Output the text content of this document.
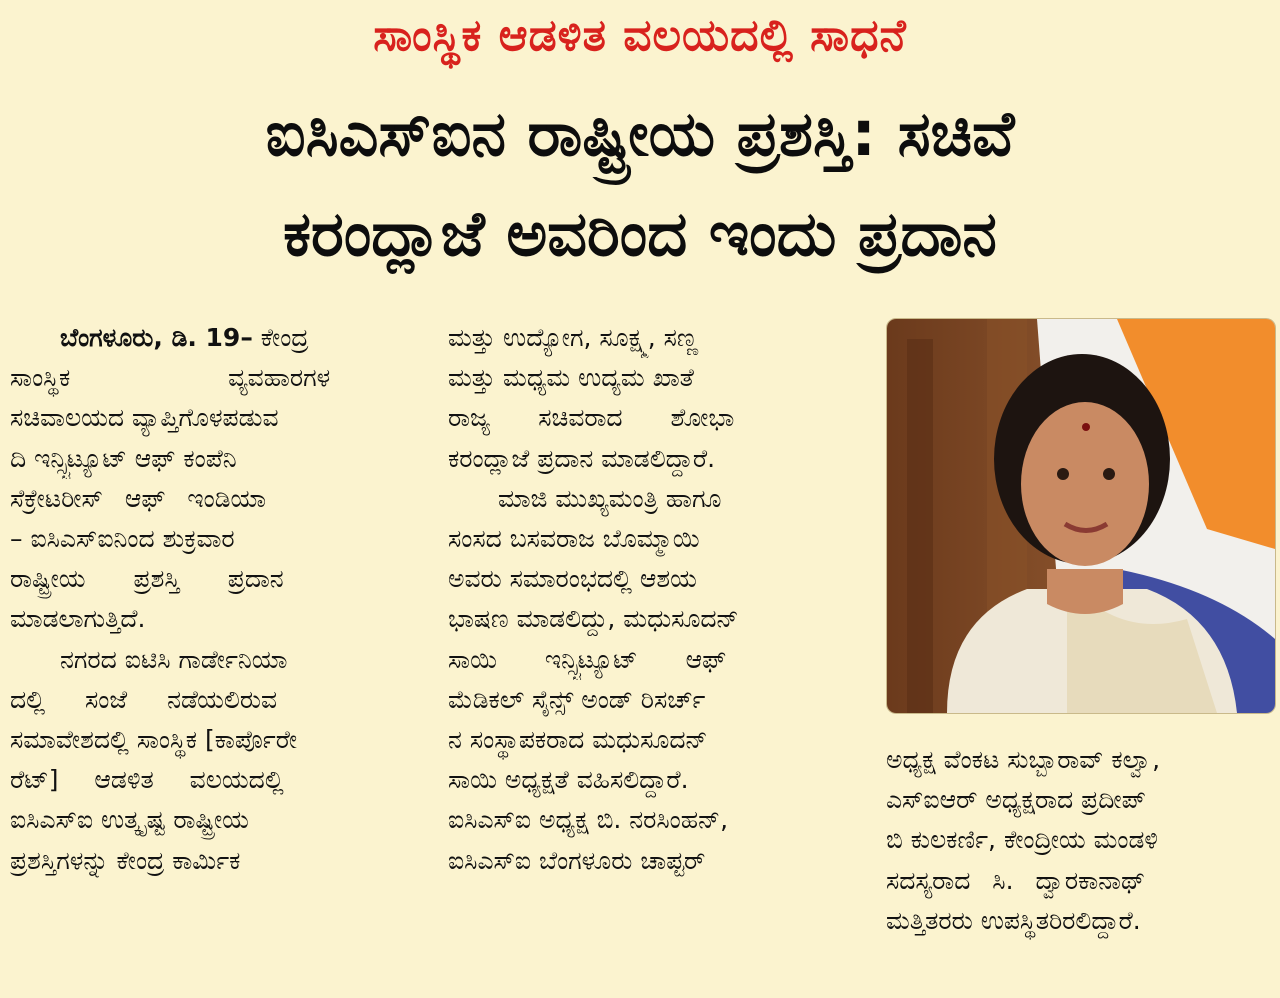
ಸಾಂಸ್ಥಿಕ ಆಡಳಿತ ವಲಯದಲ್ಲಿ ಸಾಧನೆ
ಐಸಿಎಸ್‌ಐನ ರಾಷ್ಟ್ರೀಯ ಪ್ರಶಸ್ತಿ: ಸಚಿವೆ
ಕರಂದ್ಲಾಜೆ ಅವರಿಂದ ಇಂದು ಪ್ರದಾನ
ಬೆಂಗಳೂರು, ಡಿ. 19– ಕೇಂದ್ರ
ಸಾಂಸ್ಥಿಕ ವ್ಯವಹಾರಗಳ
ಸಚಿವಾಲಯದ ವ್ಯಾಪ್ತಿಗೊಳಪಡುವ
ದಿ ಇನ್ಸ್ಟಿಟ್ಯೂಟ್ ಆಫ್ ಕಂಪೆನಿ
ಸೆಕ್ರೇಟರೀಸ್ ಆಫ್ ಇಂಡಿಯಾ
– ಐಸಿಎಸ್‌ಐನಿಂದ ಶುಕ್ರವಾರ
ರಾಷ್ಟ್ರೀಯ ಪ್ರಶಸ್ತಿ ಪ್ರದಾನ
ಮಾಡಲಾಗುತ್ತಿದೆ.
ನಗರದ ಐಟಿಸಿ ಗಾರ್ಡೇನಿಯಾ
ದಲ್ಲಿ ಸಂಜೆ ನಡೆಯಲಿರುವ
ಸಮಾವೇಶದಲ್ಲಿ ಸಾಂಸ್ಥಿಕ [ಕಾರ್ಪೊರೇ
ರೆಟ್] ಆಡಳಿತ ವಲಯದಲ್ಲಿ
ಐಸಿಎಸ್‌ಐ ಉತ್ಕೃಷ್ಟ ರಾಷ್ಟ್ರೀಯ
ಪ್ರಶಸ್ತಿಗಳನ್ನು ಕೇಂದ್ರ ಕಾರ್ಮಿಕ
ಮತ್ತು ಉದ್ಯೋಗ, ಸೂಕ್ಷ್ಮ, ಸಣ್ಣ
ಮತ್ತು ಮಧ್ಯಮ ಉದ್ಯಮ ಖಾತೆ
ರಾಜ್ಯ ಸಚಿವರಾದ ಶೋಭಾ
ಕರಂದ್ಲಾಜೆ ಪ್ರದಾನ ಮಾಡಲಿದ್ದಾರೆ.
ಮಾಜಿ ಮುಖ್ಯಮಂತ್ರಿ ಹಾಗೂ
ಸಂಸದ ಬಸವರಾಜ ಬೊಮ್ಮಾಯಿ
ಅವರು ಸಮಾರಂಭದಲ್ಲಿ ಆಶಯ
ಭಾಷಣ ಮಾಡಲಿದ್ದು, ಮಧುಸೂದನ್
ಸಾಯಿ ಇನ್ಸ್ಟಿಟ್ಯೂಟ್ ಆಫ್
ಮೆಡಿಕಲ್ ಸೈನ್ಸ್ ಅಂಡ್ ರಿಸರ್ಚ್
ನ ಸಂಸ್ಥಾಪಕರಾದ ಮಧುಸೂದನ್
ಸಾಯಿ ಅಧ್ಯಕ್ಷತೆ ವಹಿಸಲಿದ್ದಾರೆ.
ಐಸಿಎಸ್‌ಐ ಅಧ್ಯಕ್ಷ ಬಿ. ನರಸಿಂಹನ್,
ಐಸಿಎಸ್‌ಐ ಬೆಂಗಳೂರು ಚಾಪ್ಟರ್
ಅಧ್ಯಕ್ಷ ವೆಂಕಟ ಸುಬ್ಬಾರಾವ್ ಕಲ್ವಾ,
ಎಸ್‌ಐಆರ್ ಅಧ್ಯಕ್ಷರಾದ ಪ್ರದೀಪ್
ಬಿ ಕುಲಕರ್ಣಿ, ಕೇಂದ್ರೀಯ ಮಂಡಳಿ
ಸದಸ್ಯರಾದ ಸಿ. ದ್ವಾರಕಾನಾಥ್
ಮತ್ತಿತರರು ಉಪಸ್ಥಿತರಿರಲಿದ್ದಾರೆ.
